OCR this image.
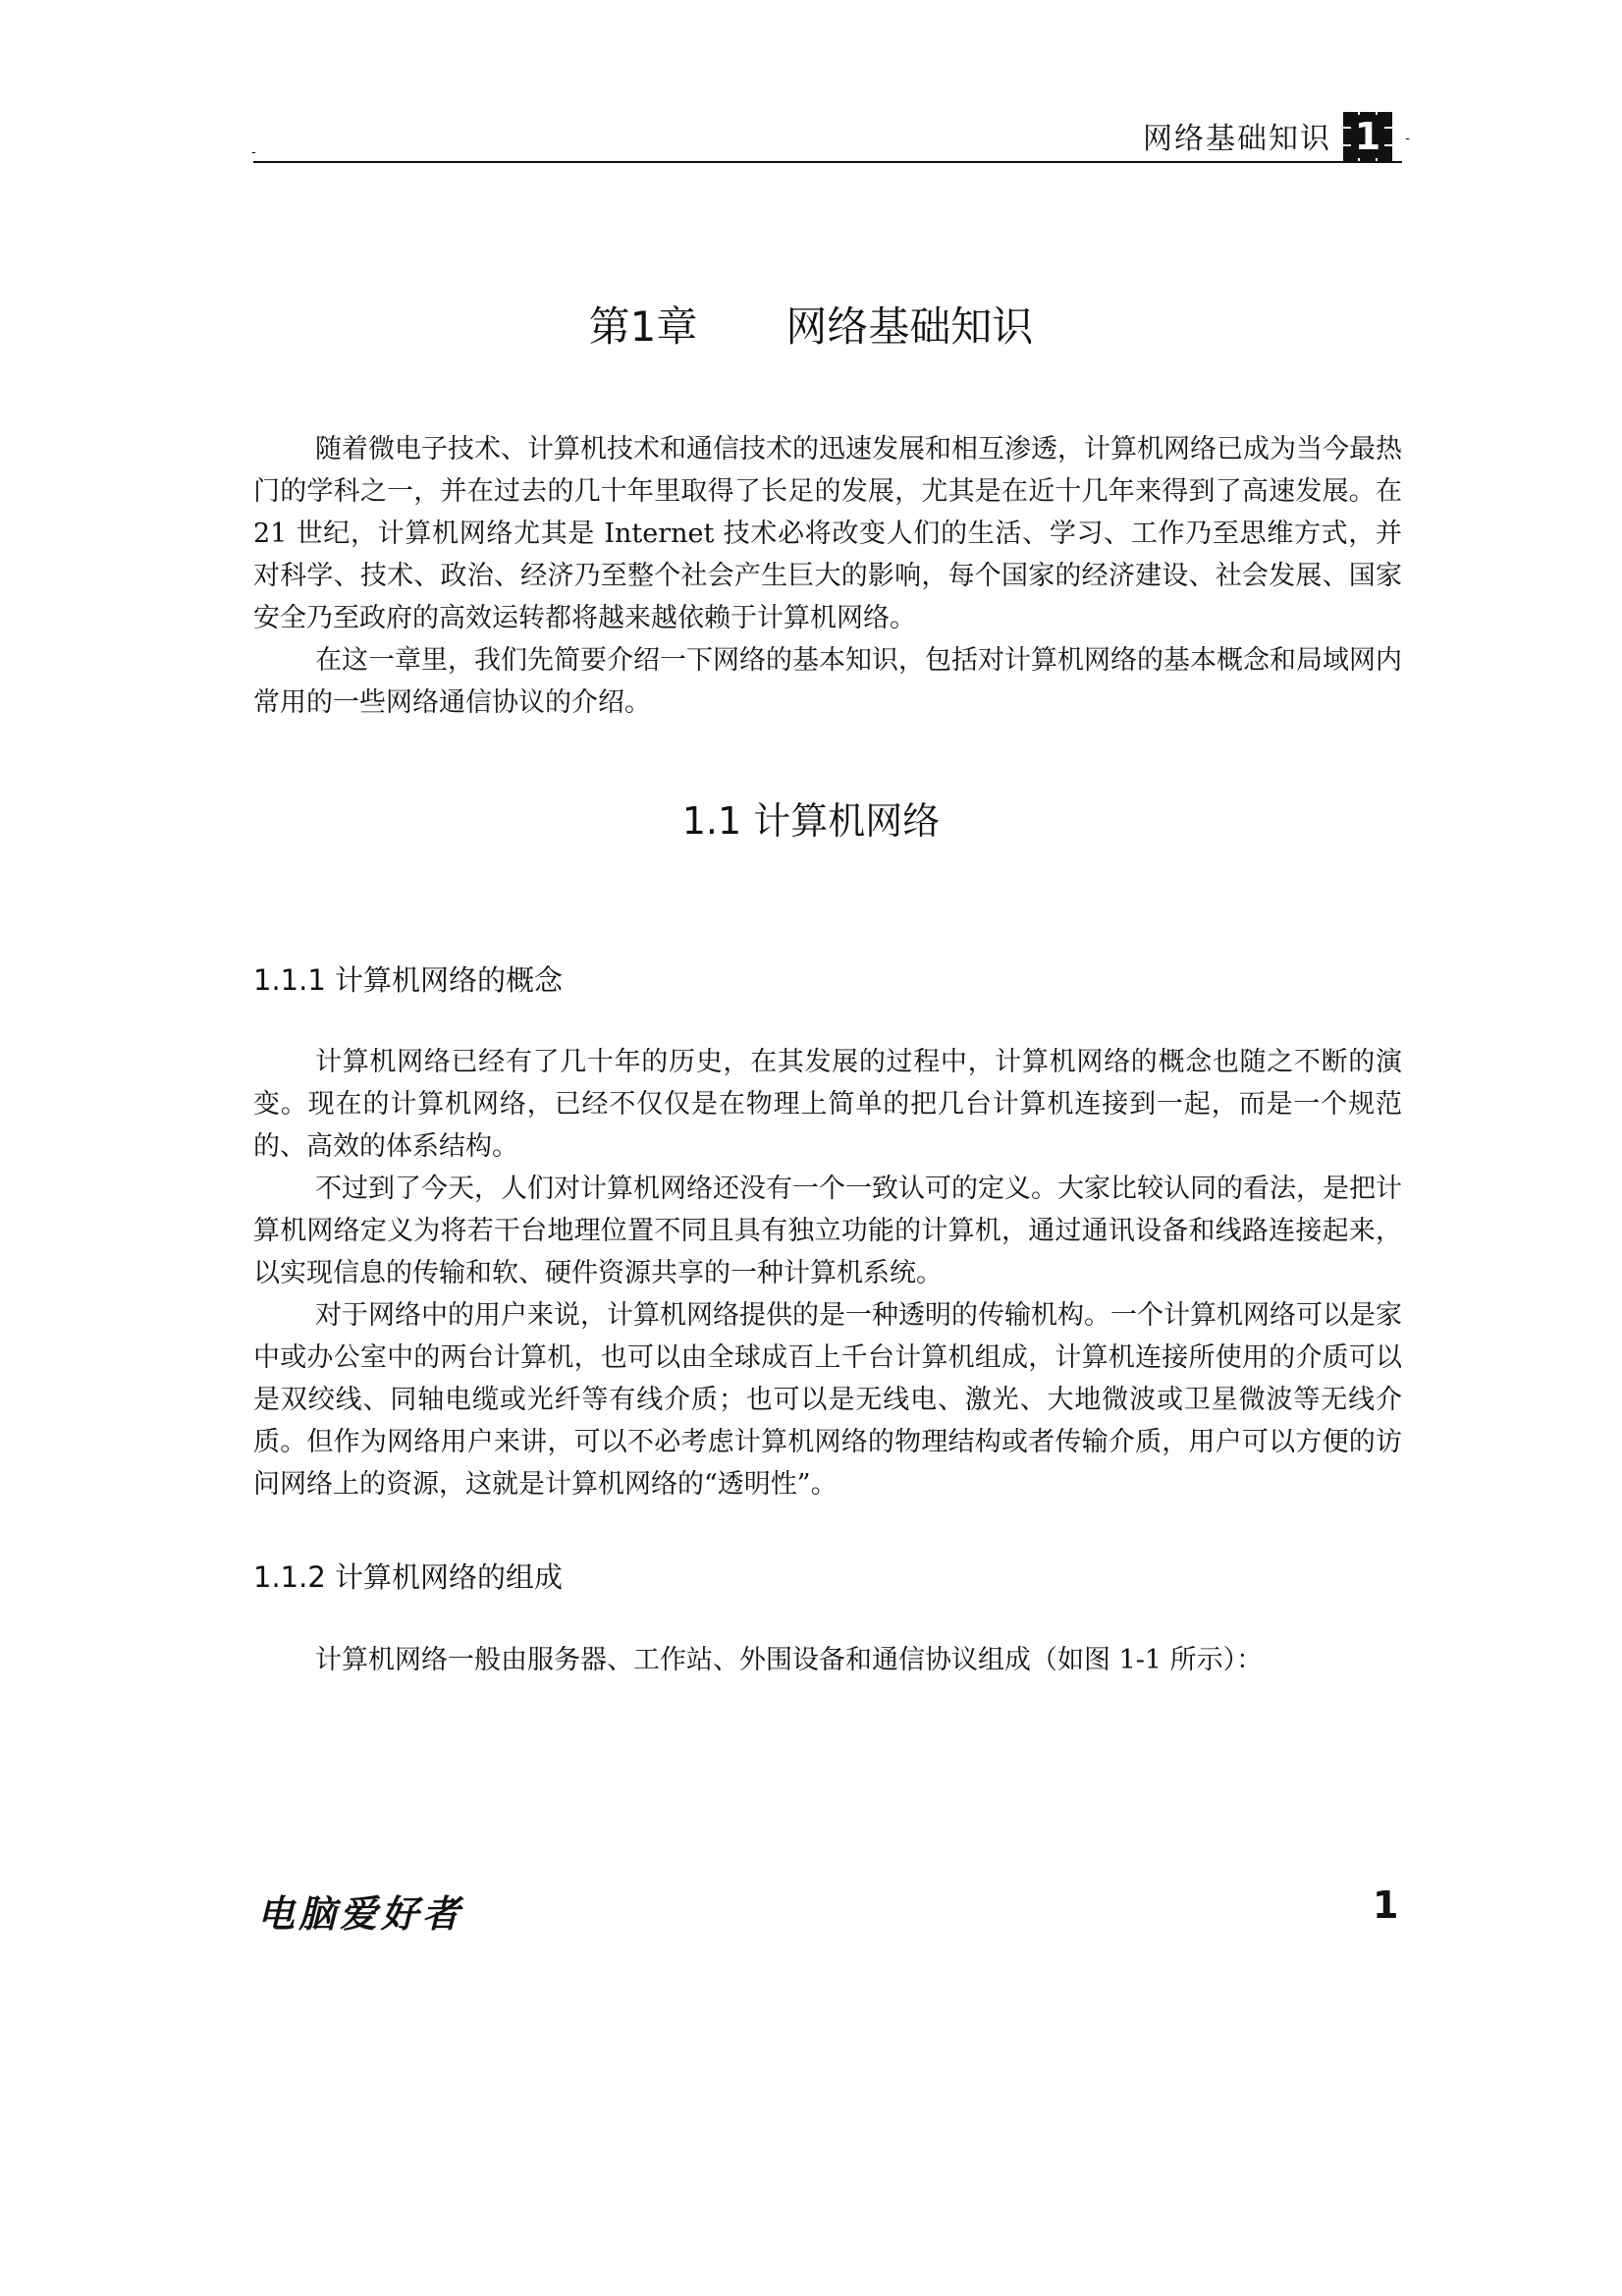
-	网络基础知识 1	-
第1章 网络基础知识

随着微电子技术、计算机技术和通信技术的迅速发展和相互渗透，计算机网络已成为当今最热门的学科之一，并在过去的几十年里取得了长足的发展，尤其是在近十几年来得到了高速发展。在 21 世纪，计算机网络尤其是 Internet 技术必将改变人们的生活、学习、工作乃至思维方式，并对科学、技术、政治、经济乃至整个社会产生巨大的影响，每个国家的经济建设、社会发展、国家安全乃至政府的高效运转都将越来越依赖于计算机网络。

在这一章里，我们先简要介绍一下网络的基本知识，包括对计算机网络的基本概念和局域网内常用的一些网络通信协议的介绍。

1.1 计算机网络
1.1.1 计算机网络的概念

计算机网络已经有了几十年的历史，在其发展的过程中，计算机网络的概念也随之不断的演变。现在的计算机网络，已经不仅仅是在物理上简单的把几台计算机连接到一起，而是一个规范的、高效的体系结构。

不过到了今天，人们对计算机网络还没有一个一致认可的定义。大家比较认同的看法，是把计算机网络定义为将若干台地理位置不同且具有独立功能的计算机，通过通讯设备和线路连接起来，以实现信息的传输和软、硬件资源共享的一种计算机系统。

对于网络中的用户来说，计算机网络提供的是一种透明的传输机构。一个计算机网络可以是家中或办公室中的两台计算机，也可以由全球成百上千台计算机组成，计算机连接所使用的介质可以是双绞线、同轴电缆或光纤等有线介质；也可以是无线电、激光、大地微波或卫星微波等无线介质。但作为网络用户来讲，可以不必考虑计算机网络的物理结构或者传输介质，用户可以方便的访问网络上的资源，这就是计算机网络的“透明性”。

1.1.2 计算机网络的组成

计算机网络一般由服务器、工作站、外围设备和通信协议组成（如图 1-1 所示）：

电脑爱好者	1
